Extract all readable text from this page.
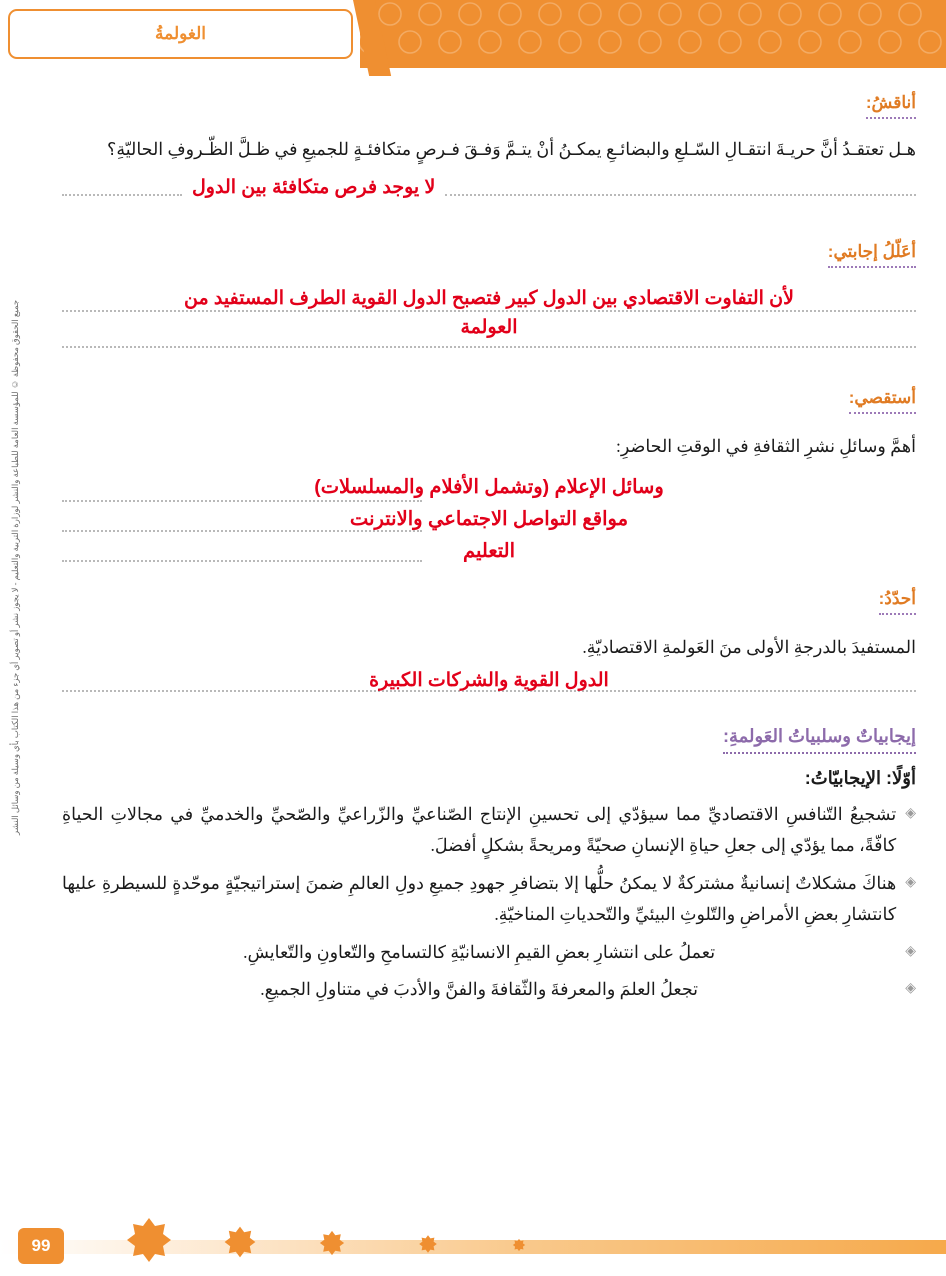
الغولمةُ
جميع الحقوق محفوظة © للمؤسسة العامة للطباعة والنشر لوزارة التربية والتعليم - لا يجوز نشر أو تصوير أي جزء من هذا الكتاب بأي وسيلة من وسائل النشر
أناقشُ:
هـل تعتقـدُ أنَّ حريـةَ انتقـالِ السّـلعِ والبضائـعِ يمكـنُ أنْ يتـمَّ وَفـقَ فـرصٍ متكافئـةٍ للجميعِ في ظـلَّ الظّـروفِ الحاليّةِ؟
لا يوجد فرص متكافئة بين الدول
أعَلّلُ إجابتي:
لأن التفاوت الاقتصادي بين الدول كبير فتصبح الدول القوية الطرف المستفيد من
العولمة
أستقصي:
أهمَّ وسائلِ نشرِ الثقافةِ في الوقتِ الحاضرِ:
وسائل الإعلام (وتشمل الأفلام والمسلسلات)
مواقع التواصل الاجتماعي والانترنت
التعليم
أحدّدُ:
المستفيدَ بالدرجةِ الأولى منَ العَولمةِ الاقتصاديّةِ.
الدول القوية والشركات الكبيرة
إيجابياتٌ وسلبياتُ العَولمةِ:
أوّلًا: الإيجابيّاتُ:
◈
تشجيعُ التّنافسِ الاقتصاديِّ مما سيؤدّي إلى تحسينِ الإنتاج الصّناعيِّ والزّراعيِّ والصّحيِّ والخدميِّ في مجالاتِ الحياةِ كافّةً، مما يؤدّي إلى جعلِ حياةِ الإنسانِ صحيّةً ومريحةً بشكلٍ أفضلَ.
◈
هناكَ مشكلاتٌ إنسانيةٌ مشتركةٌ لا يمكنُ حلُّها إلا بتضافرِ جهودِ جميعِ دولِ العالمِ ضمنَ إستراتيجيّةٍ موحّدةٍ للسيطرةِ عليها كانتشارِ بعضِ الأمراضِ والتّلوثِ البيئيِّ والتّحدياتِ المناخيّةِ.
◈
تعملُ على انتشارِ بعضِ القيمِ الانسانيّةِ كالتسامحِ والتّعاونِ والتّعايشِ.
◈
تجعلُ العلمَ والمعرفةَ والثّقافةَ والفنَّ والأدبَ في متناولِ الجميعِ.
99
